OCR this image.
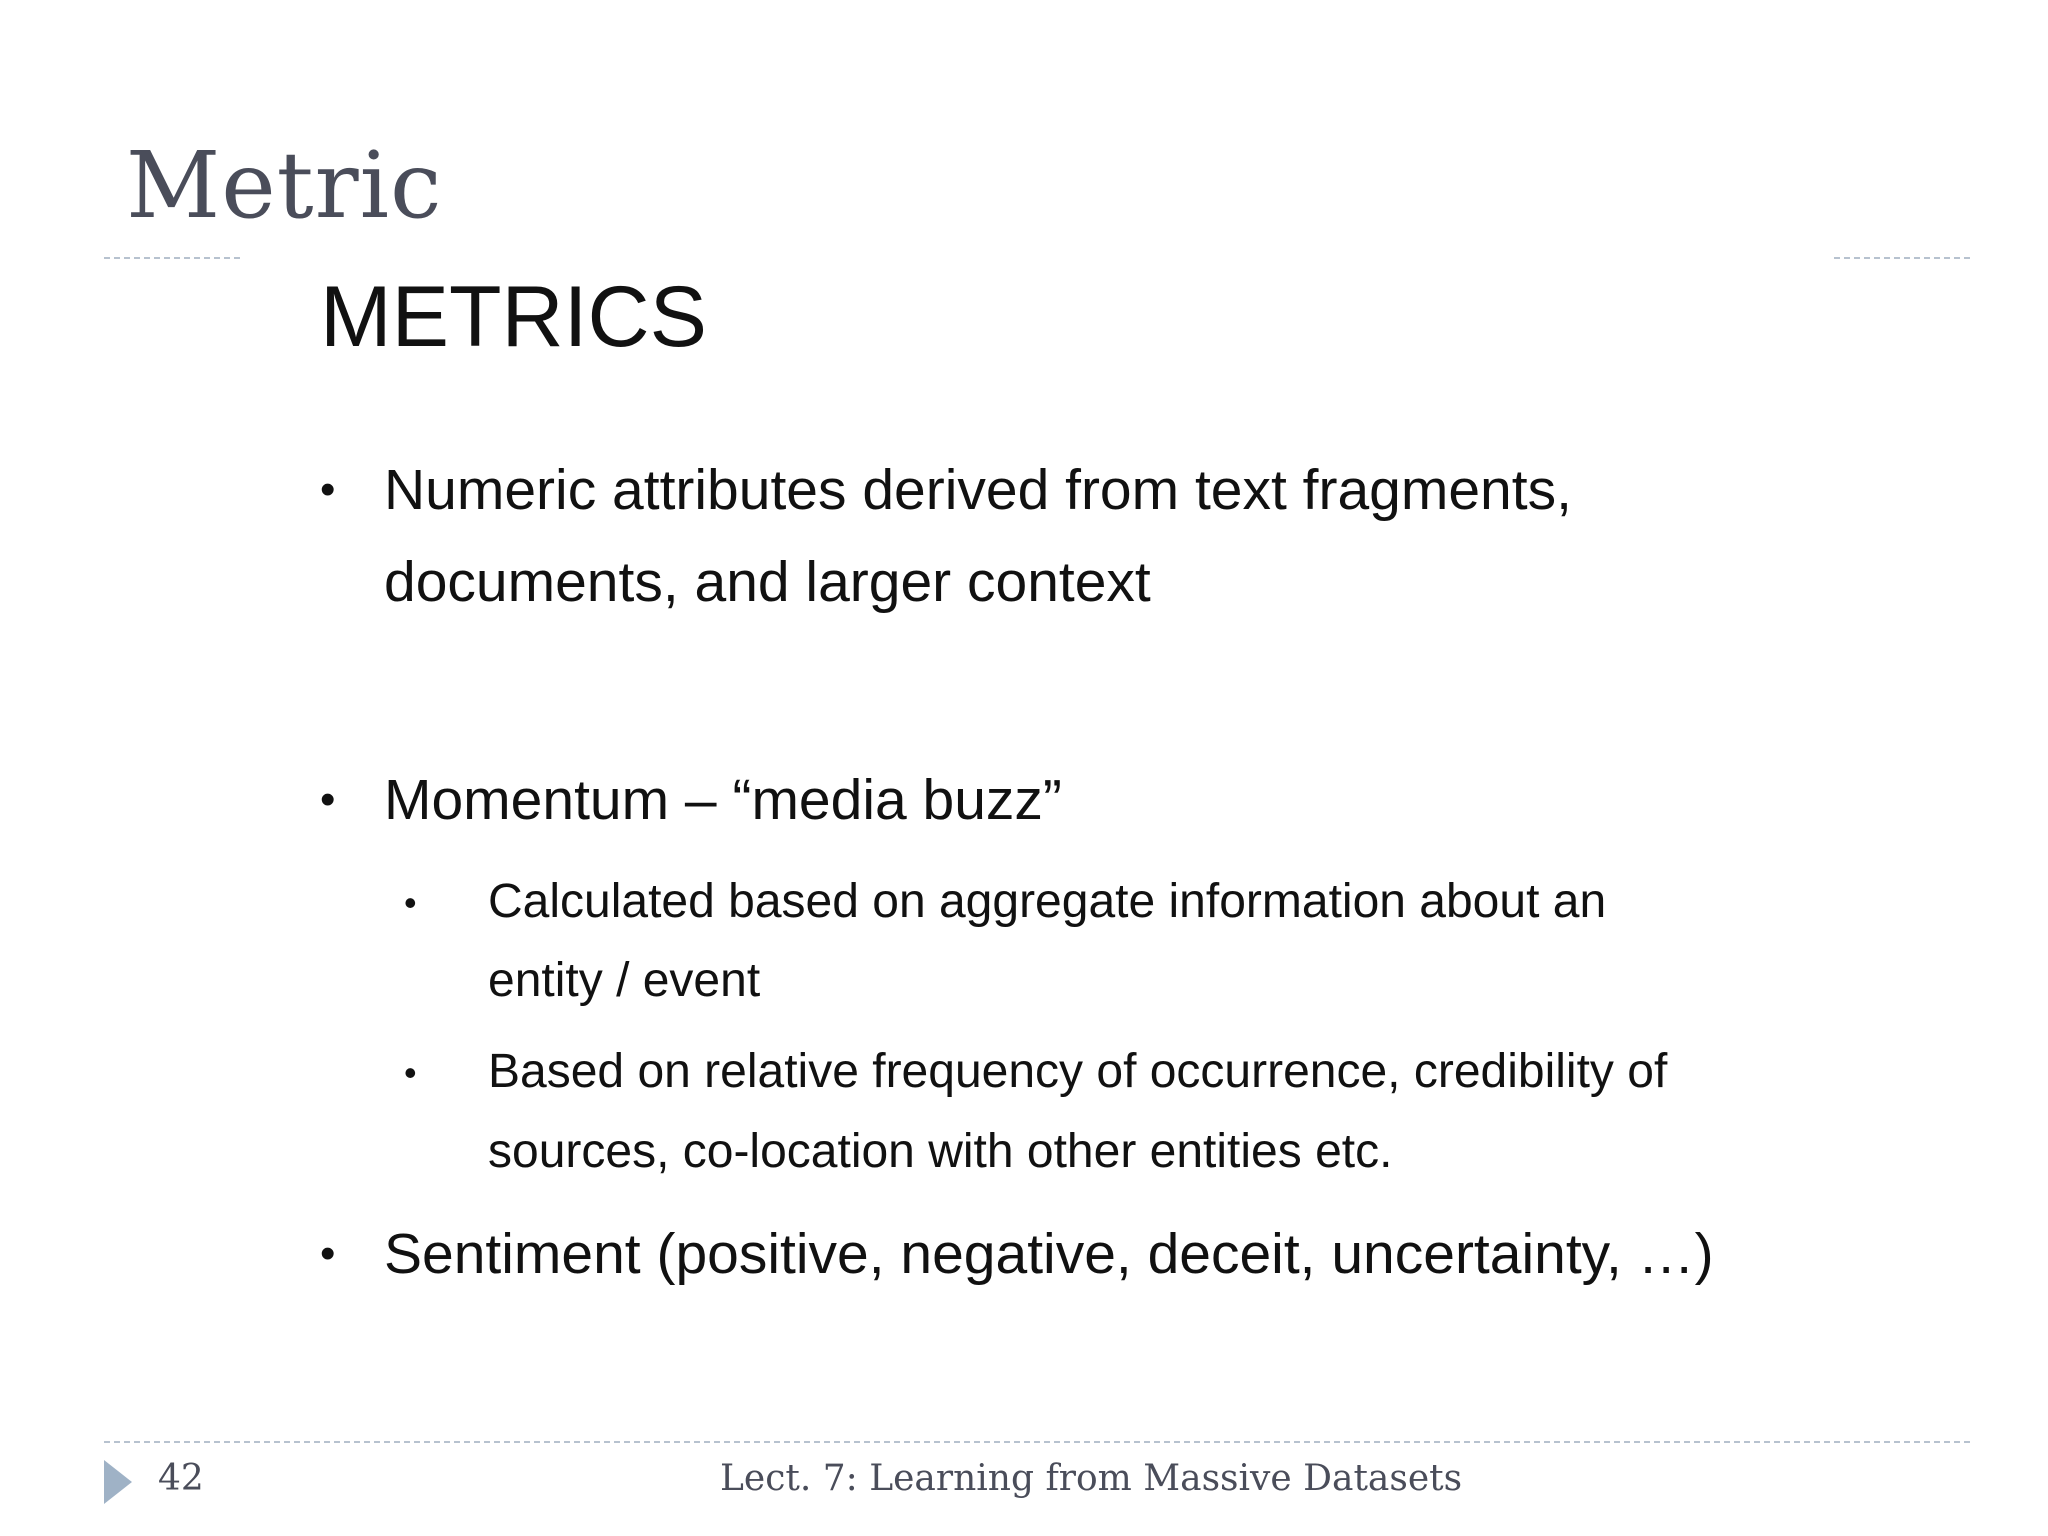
Metric
METRICS
• Numeric attributes derived from text fragments,
documents, and larger context
• Momentum – “media buzz”
• Calculated based on aggregate information about an
entity / event
• Based on relative frequency of occurrence, credibility of
sources, co-location with other entities etc.
• Sentiment (positive, negative, deceit, uncertainty, …)
42	Lect. 7: Learning from Massive Datasets
